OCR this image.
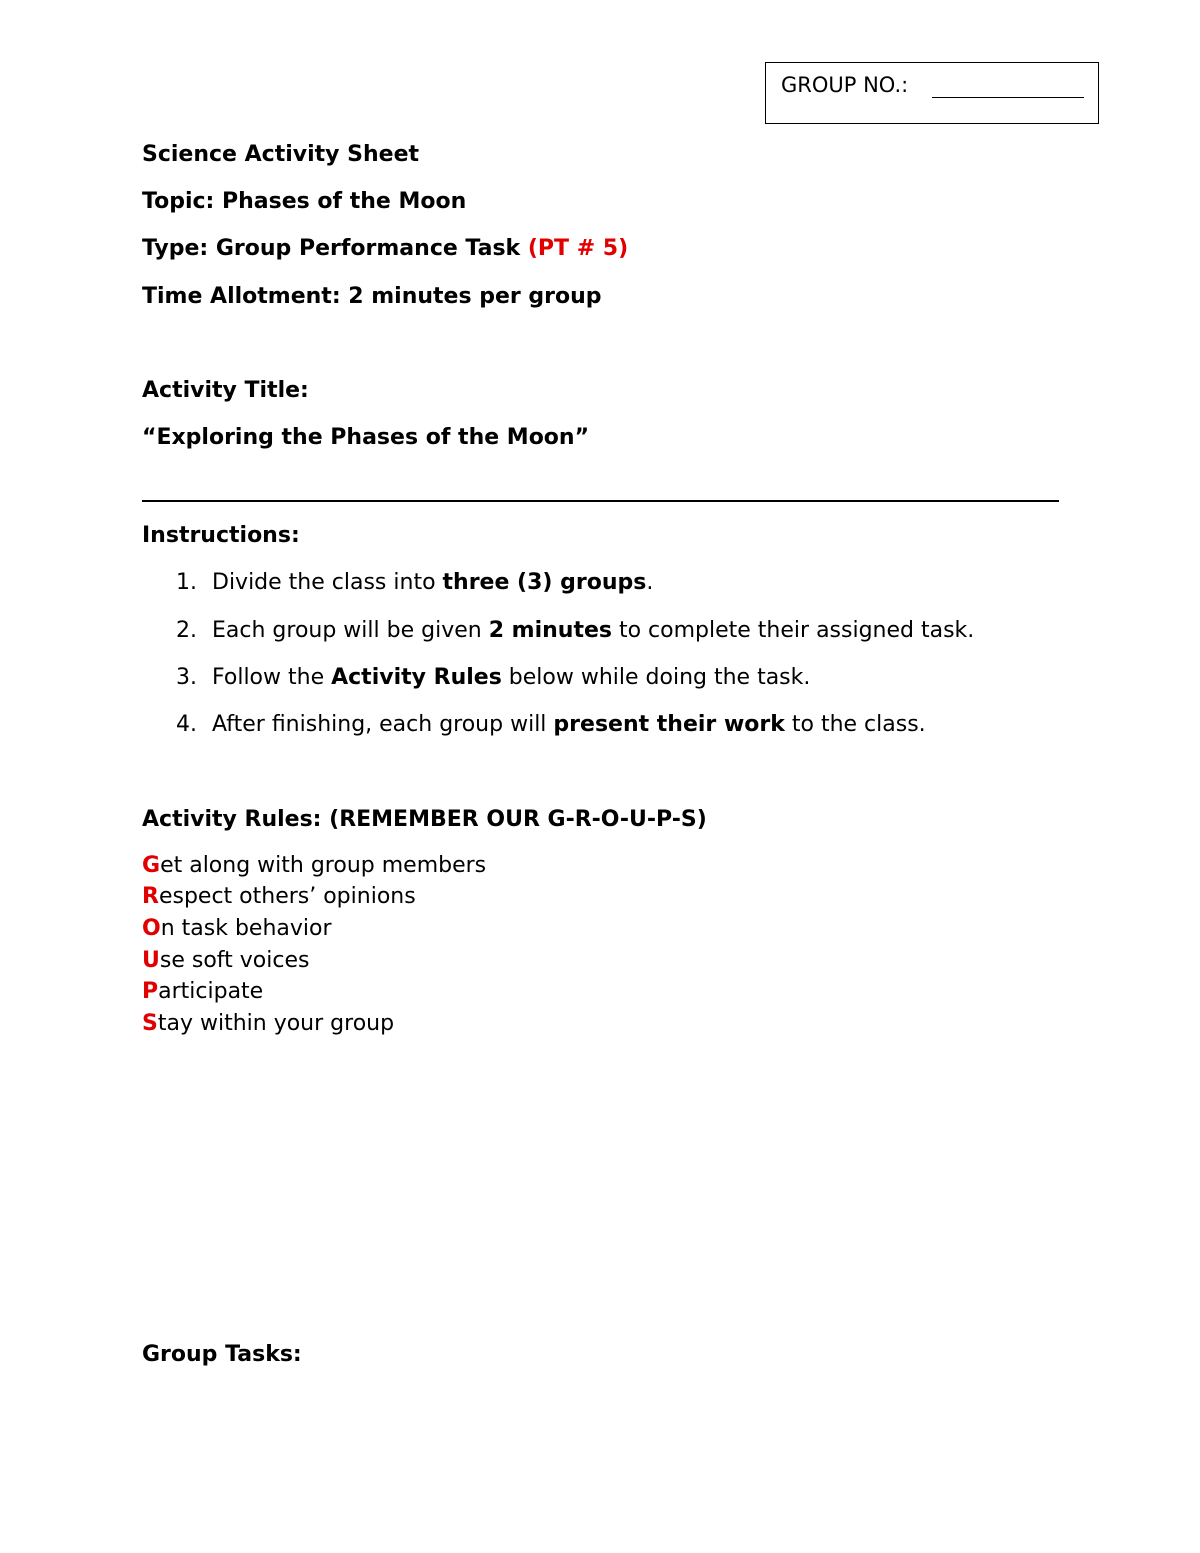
GROUP NO.:
Science Activity Sheet
Topic: Phases of the Moon
Type: Group Performance Task (PT # 5)
Time Allotment: 2 minutes per group
Activity Title:
“Exploring the Phases of the Moon”
Instructions:
1. Divide the class into three (3) groups.
2. Each group will be given 2 minutes to complete their assigned task.
3. Follow the Activity Rules below while doing the task.
4. After finishing, each group will present their work to the class.
Activity Rules: (REMEMBER OUR G-R-O-U-P-S)
Get along with group members
Respect others’ opinions
On task behavior
Use soft voices
Participate
Stay within your group
Group Tasks:
